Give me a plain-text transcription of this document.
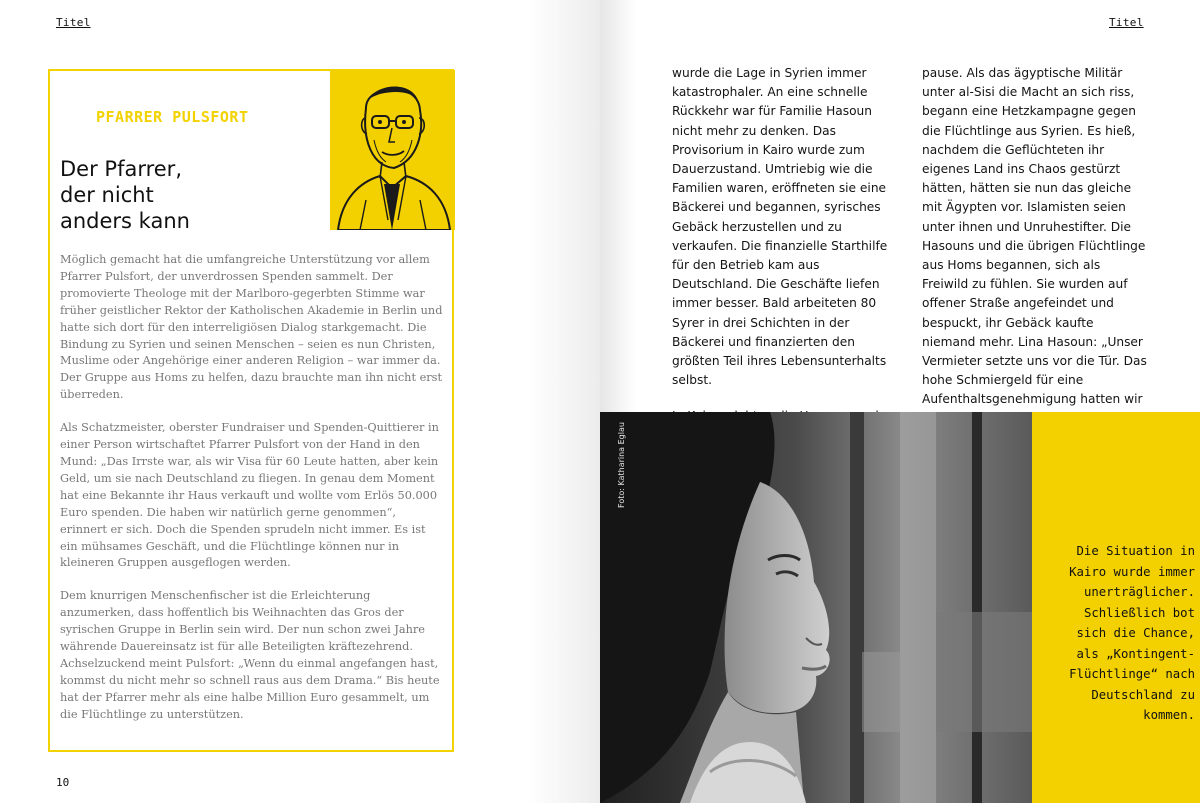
Titel
PFARRER PULSFORT
Der Pfarrer,
der nicht
anders kann

Möglich gemacht hat die umfangreiche Unterstützung vor allem Pfarrer Pulsfort, der unverdrossen Spenden sammelt. Der promovierte Theologe mit der Marlboro-gegerbten Stimme war früher geistlicher Rektor der Katholischen Akademie in Berlin und hatte sich dort für den interreligiösen Dialog starkgemacht. Die Bindung zu Syrien und seinen Menschen – seien es nun Christen, Muslime oder Angehörige einer anderen Religion – war immer da. Der Gruppe aus Homs zu helfen, dazu brauchte man ihn nicht erst überreden.

Als Schatzmeister, oberster Fundraiser und Spenden-Quittierer in einer Person wirtschaftet Pfarrer Pulsfort von der Hand in den Mund: „Das Irrste war, als wir Visa für 60 Leute hatten, aber kein Geld, um sie nach Deutschland zu fliegen. In genau dem Moment hat eine Bekannte ihr Haus verkauft und wollte vom Erlös 50.000 Euro spenden. Die haben wir natürlich gerne genommen“, erinnert er sich. Doch die Spenden sprudeln nicht immer. Es ist ein mühsames Geschäft, und die Flüchtlinge können nur in kleineren Gruppen ausgeflogen werden.

Dem knurrigen Menschenfischer ist die Erleichterung anzumerken, dass hoffentlich bis Weihnachten das Gros der syrischen Gruppe in Berlin sein wird. Der nun schon zwei Jahre währende Dauereinsatz ist für alle Beteiligten kräftezehrend. Achselzuckend meint Pulsfort: „Wenn du einmal angefangen hast, kommst du nicht mehr so schnell raus aus dem Drama.“ Bis heute hat der Pfarrer mehr als eine halbe Million Euro gesammelt, um die Flüchtlinge zu unterstützen.

10
Titel

wurde die Lage in Syrien immer katastrophaler. An eine schnelle Rückkehr war für Familie Hasoun nicht mehr zu denken. Das Provisorium in Kairo wurde zum Dauerzustand. Umtriebig wie die Familien waren, eröffneten sie eine Bäckerei und begannen, syrisches Gebäck herzustellen und zu verkaufen. Die finanzielle Starthilfe für den Betrieb kam aus Deutschland. Die Geschäfte liefen immer besser. Bald arbeiteten 80 Syrer in drei Schichten in der Bäckerei und finanzierten den größten Teil ihres Lebensunterhalts selbst.

pause. Als das ägyptische Militär unter al-Sisi die Macht an sich riss, begann eine Hetzkampagne gegen die Flüchtlinge aus Syrien. Es hieß, nachdem die Geflüchteten ihr eigenes Land ins Chaos gestürzt hätten, hätten sie nun das gleiche mit Ägypten vor. Islamisten seien unter ihnen und Unruhestifter. Die Hasouns und die übrigen Flüchtlinge aus Homs begannen, sich als Freiwild zu fühlen. Sie wurden auf offener Straße angefeindet und bespuckt, ihr Gebäck kaufte niemand mehr. Lina Hasoun: „Unser Vermieter setzte uns vor die Tür. Das hohe Schmiergeld für eine Aufenthaltsgenehmigung hatten wir

Foto: Katharina Eglau
Die Situation in Kairo wurde immer unerträglicher. Schließlich bot sich die Chance, als „Kontingent-Flüchtlinge“ nach Deutschland zu kommen.
